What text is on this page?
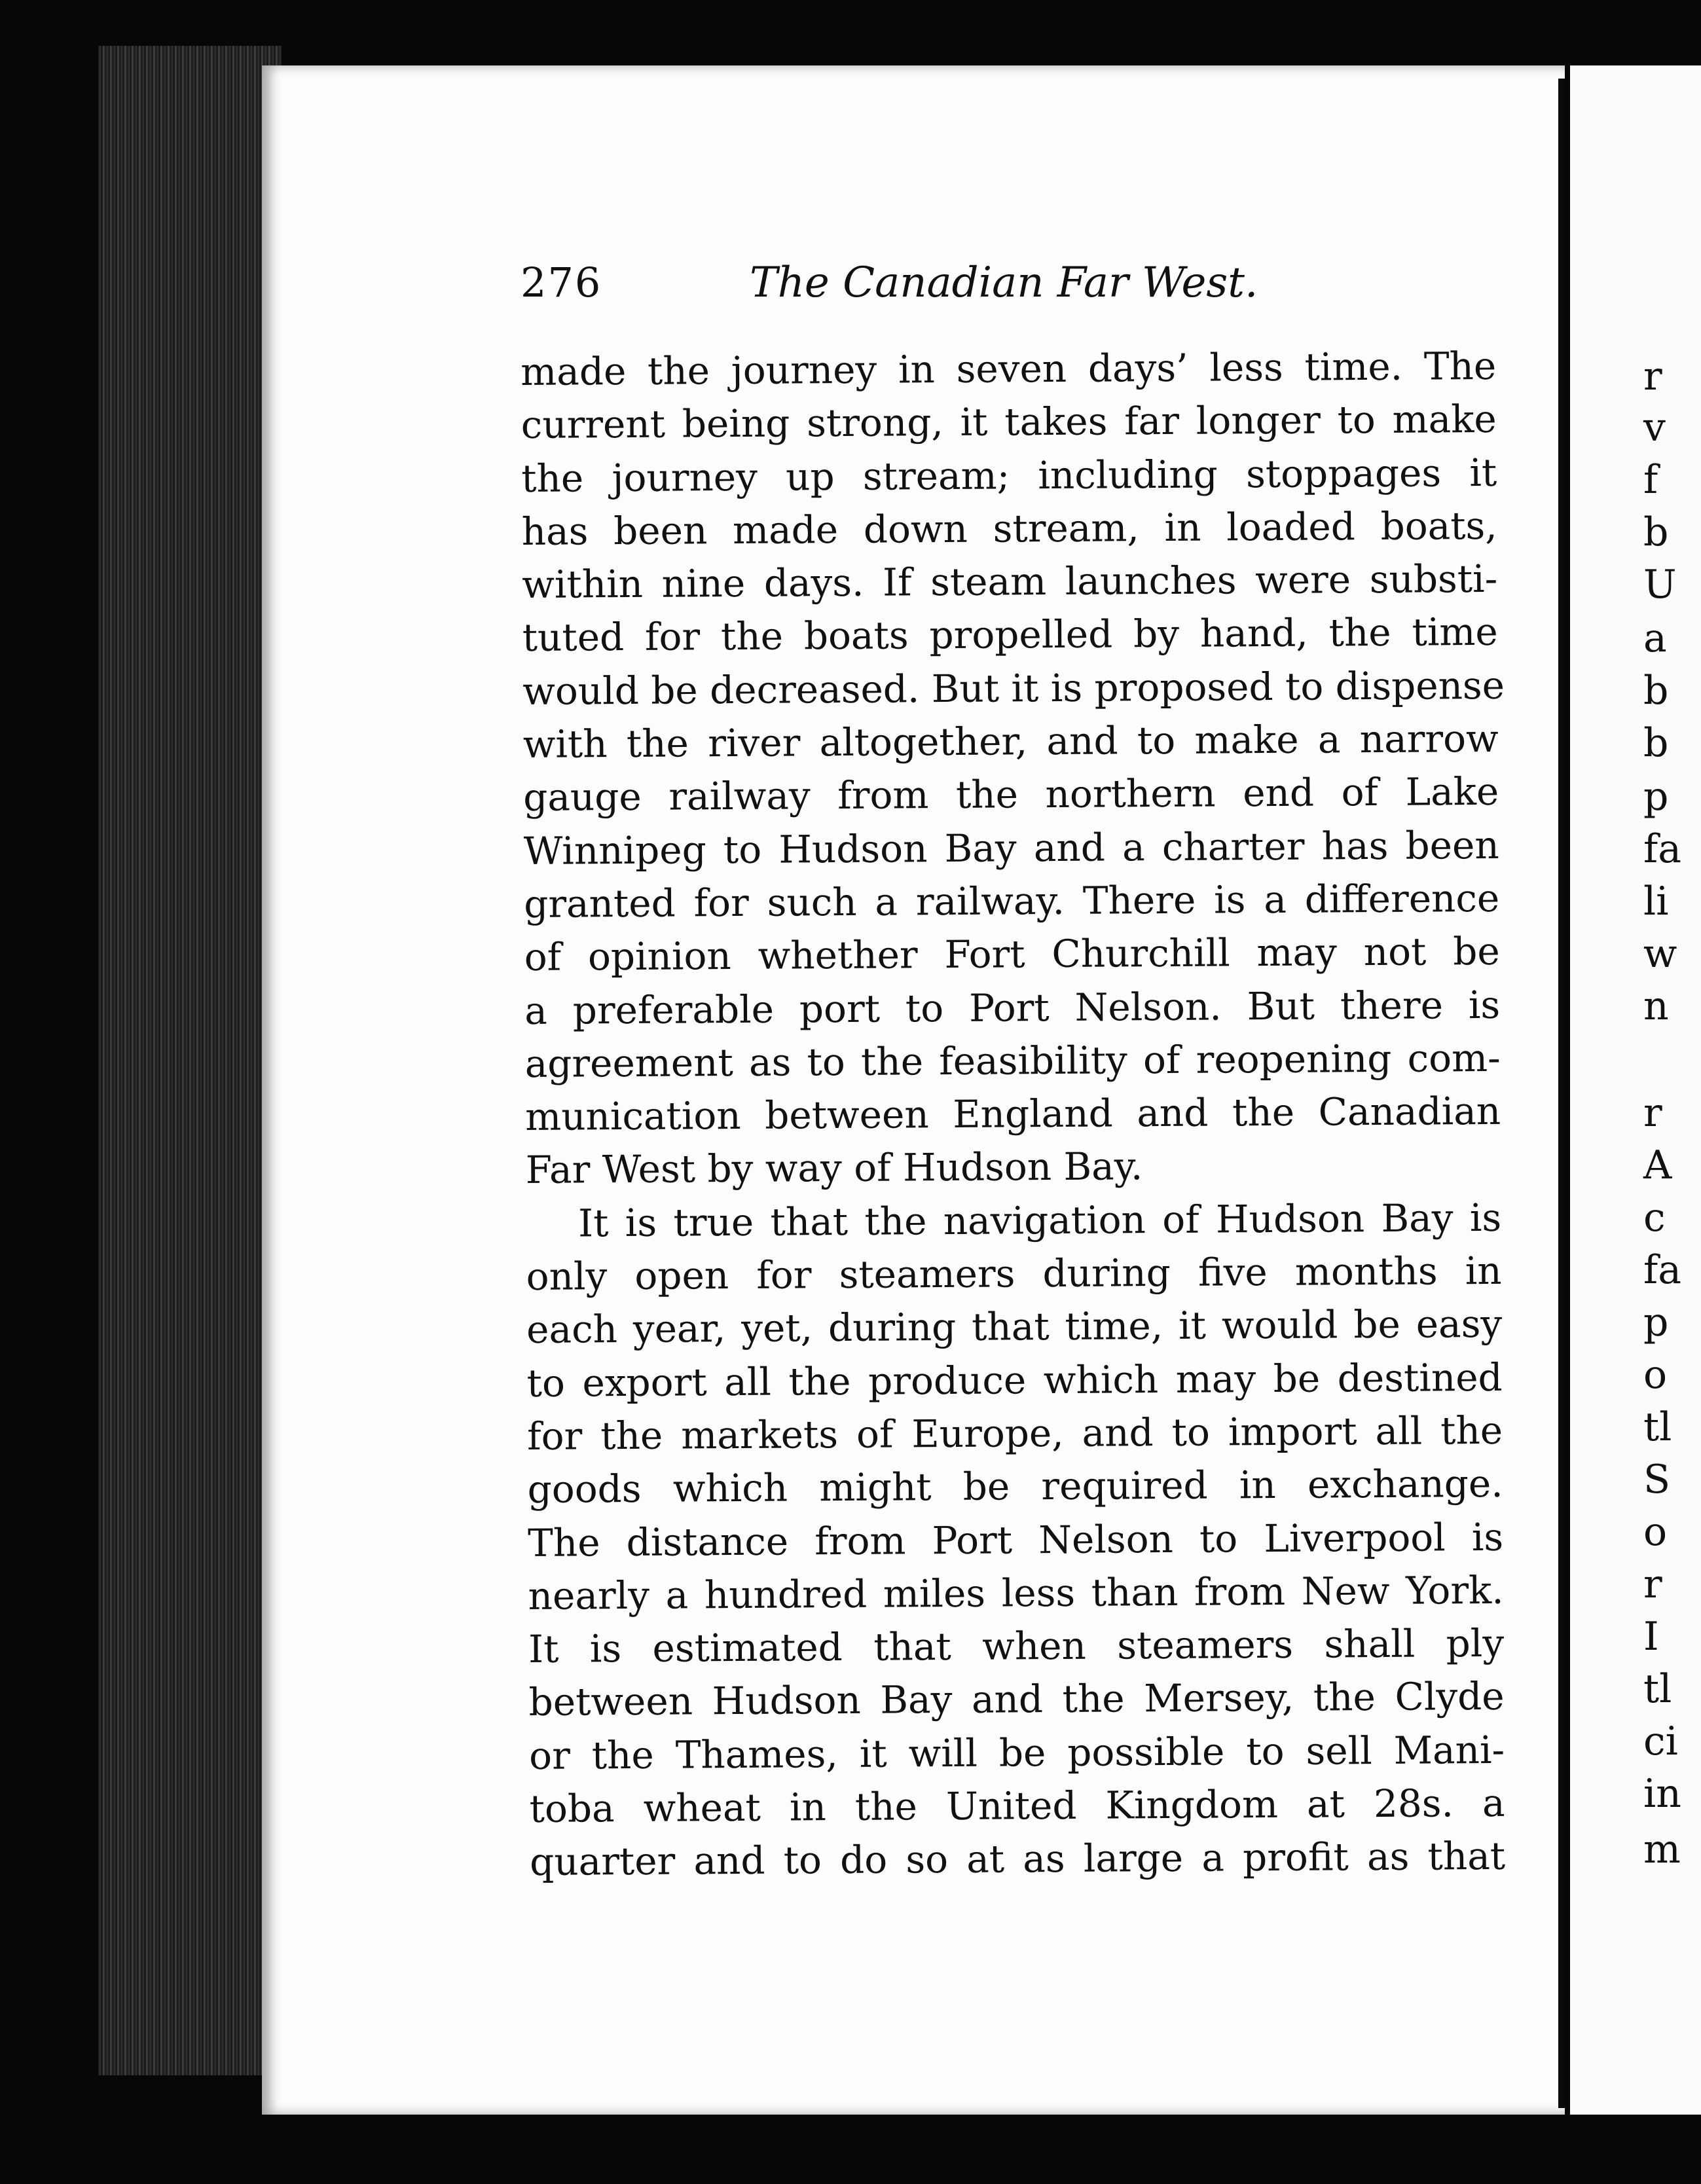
r
v
f
b
U
a
b
b
p
fa
li
w
n
r
A
c
fa
p
o
tl
S
o
r
I
tl
ci
in
m
276	The Canadian Far West.
made the journey in seven days’ less time. The
current being strong, it takes far longer to make
the journey up stream; including stoppages it
has been made down stream, in loaded boats,
within nine days. If steam launches were substi-
tuted for the boats propelled by hand, the time
would be decreased. But it is proposed to dispense
with the river altogether, and to make a narrow
gauge railway from the northern end of Lake
Winnipeg to Hudson Bay and a charter has been
granted for such a railway. There is a difference
of opinion whether Fort Churchill may not be
a preferable port to Port Nelson. But there is
agreement as to the feasibility of reopening com-
munication between England and the Canadian
Far West by way of Hudson Bay.
It is true that the navigation of Hudson Bay is
only open for steamers during five months in
each year, yet, during that time, it would be easy
to export all the produce which may be destined
for the markets of Europe, and to import all the
goods which might be required in exchange.
The distance from Port Nelson to Liverpool is
nearly a hundred miles less than from New York.
It is estimated that when steamers shall ply
between Hudson Bay and the Mersey, the Clyde
or the Thames, it will be possible to sell Mani-
toba wheat in the United Kingdom at 28s. a
quarter and to do so at as large a profit as that
